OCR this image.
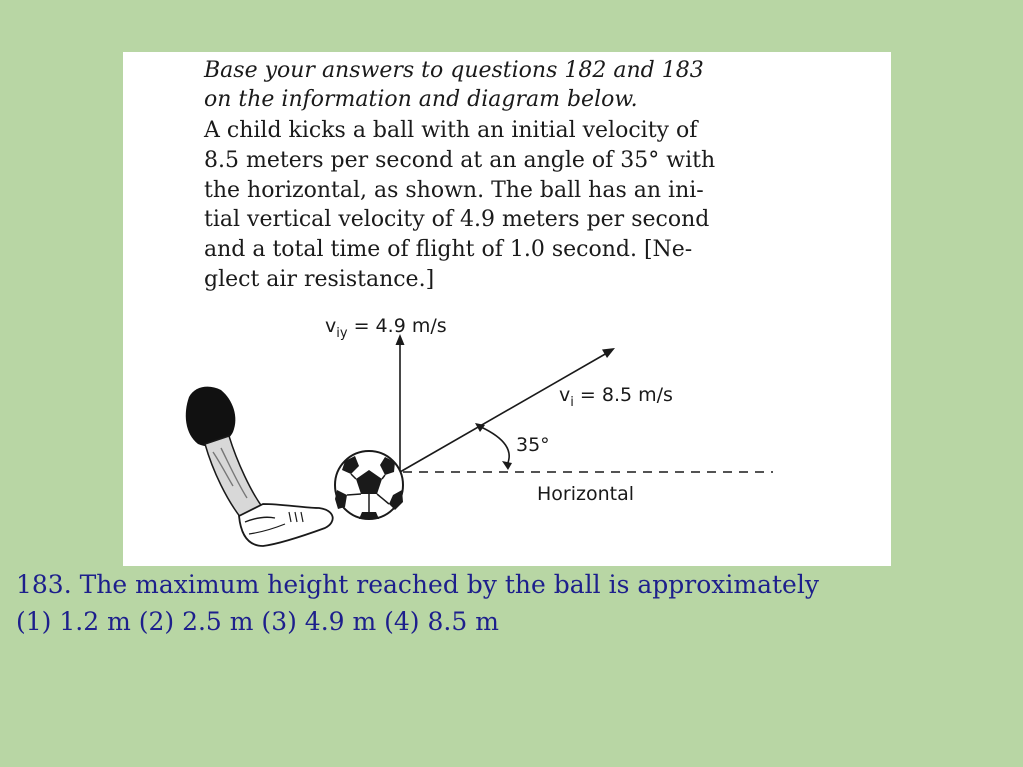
Base your answers to questions 182 and 183
on the information and diagram below.
A child kicks a ball with an initial velocity of
8.5 meters per second at an angle of 35° with
the horizontal, as shown. The ball has an ini-
tial vertical velocity of 4.9 meters per second
and a total time of flight of 1.0 second. [Ne-
glect air resistance.]
$v_{iy} = 4.9$ m/s
$v_i = 8.5$ m/s
35°
Horizontal
183. The maximum height reached by the ball is approximately
(1) 1.2 m (2) 2.5 m (3) 4.9 m (4) 8.5 m
